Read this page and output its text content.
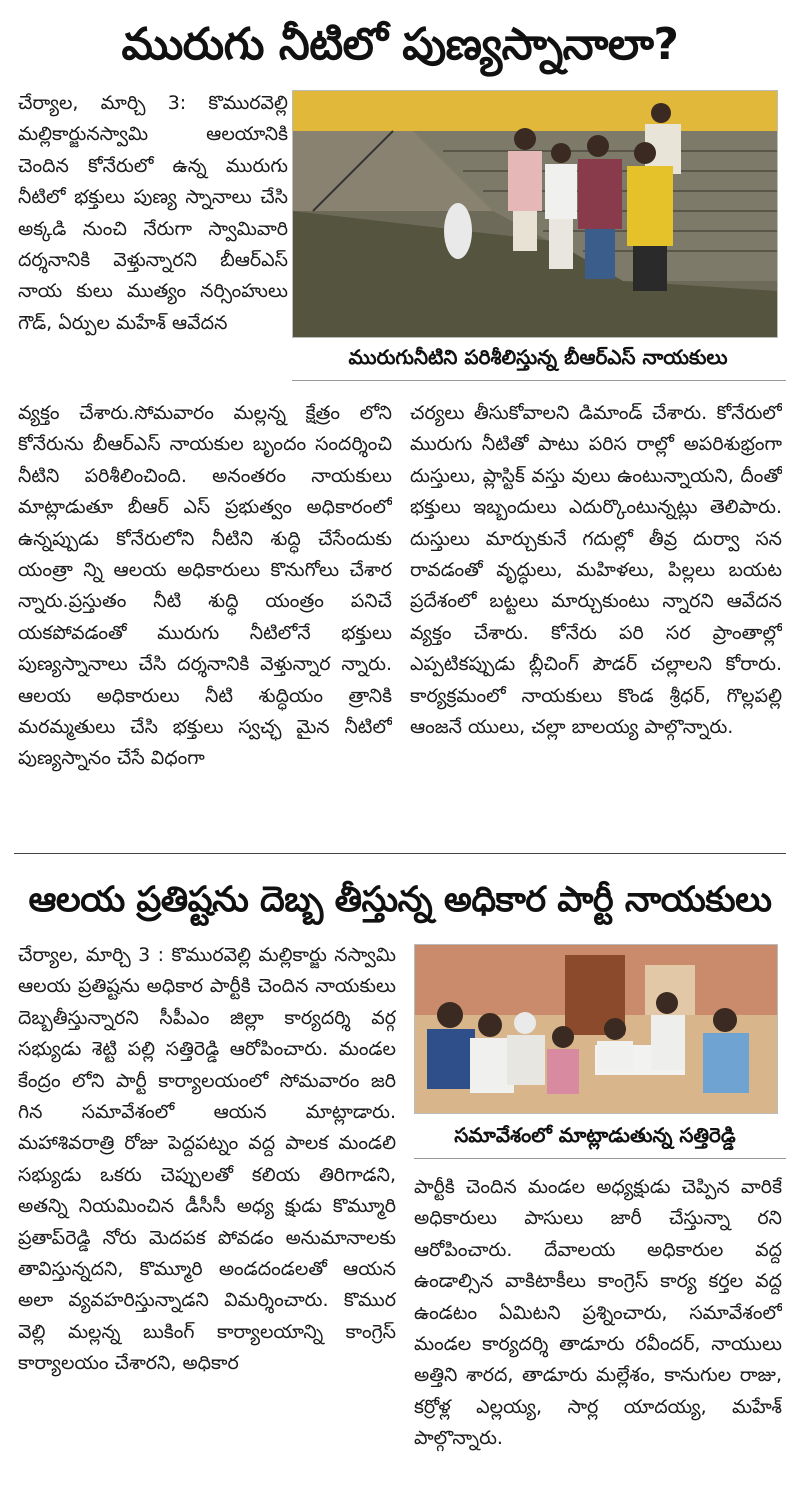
మురుగు నీటిలో పుణ్యస్నానాలా?
చేర్యాల, మార్చి 3: కొమురవెల్లి మల్లికార్జునస్వామి ఆలయానికి చెందిన కోనేరులో ఉన్న మురుగు నీటిలో భక్తులు పుణ్య స్నానాలు చేసి అక్కడి నుంచి నేరుగా స్వామివారి దర్శనానికి వెళ్తున్నారని బీఆర్ఎస్ నాయ కులు ముత్యం నర్సింహులు గౌడ్, ఏర్పుల మహేశ్ ఆవేదన
మురుగునీటిని పరిశీలిస్తున్న బీఆర్ఎస్ నాయకులు
వ్యక్తం చేశారు.సోమవారం మల్లన్న క్షేత్రం లోని కోనేరును బీఆర్ఎస్ నాయకుల బృందం సందర్శించి నీటిని పరిశీలించింది. అనంతరం నాయకులు మాట్లాడుతూ బీఆర్ ఎస్ ప్రభుత్వం అధికారంలో ఉన్నప్పుడు కోనేరులోని నీటిని శుద్ధి చేసేందుకు యంత్రా న్ని ఆలయ అధికారులు కొనుగోలు చేశార న్నారు.ప్రస్తుతం నీటి శుద్ధి యంత్రం పనిచే యకపోవడంతో మురుగు నీటిలోనే భక్తులు పుణ్యస్నానాలు చేసి దర్శనానికి వెళ్తున్నార న్నారు. ఆలయ అధికారులు నీటి శుద్ధియం త్రానికి మరమ్మతులు చేసి భక్తులు స్వచ్ఛ మైన నీటిలో పుణ్యస్నానం చేసే విధంగా
చర్యలు తీసుకోవాలని డిమాండ్ చేశారు. కోనేరులో మురుగు నీటితో పాటు పరిస రాల్లో అపరిశుభ్రంగా దుస్తులు, ప్లాస్టిక్ వస్తు వులు ఉంటున్నాయని, దీంతో భక్తులు ఇబ్బందులు ఎదుర్కొంటున్నట్లు తెలిపారు. దుస్తులు మార్చుకునే గదుల్లో తీవ్ర దుర్వా సన రావడంతో వృద్ధులు, మహిళలు, పిల్లలు బయట ప్రదేశంలో బట్టలు మార్చుకుంటు న్నారని ఆవేదన వ్యక్తం చేశారు. కోనేరు పరి సర ప్రాంతాల్లో ఎప్పటికప్పుడు బ్లీచింగ్ పౌడర్ చల్లాలని కోరారు. కార్యక్రమంలో నాయకులు కొండ శ్రీధర్, గొల్లపల్లి ఆంజనే యులు, చల్లా బాలయ్య పాల్గొన్నారు.
ఆలయ ప్రతిష్టను దెబ్బ తీస్తున్న అధికార పార్టీ నాయకులు
చేర్యాల, మార్చి 3 : కొమురవెల్లి మల్లికార్జు నస్వామి ఆలయ ప్రతిష్టను అధికార పార్టీకి చెందిన నాయకులు దెబ్బతీస్తున్నారని సీపీఎం జిల్లా కార్యదర్శి వర్గ సభ్యుడు శెట్టి పల్లి సత్తిరెడ్డి ఆరోపించారు. మండల కేంద్రం లోని పార్టీ కార్యాలయంలో సోమవారం జరి గిన సమావేశంలో ఆయన మాట్లాడారు. మహాశివరాత్రి రోజు పెద్దపట్నం వద్ద పాలక మండలి సభ్యుడు ఒకరు చెప్పులతో కలియ తిరిగాడని, అతన్ని నియమించిన డీసీసీ అధ్య క్షుడు కొమ్మూరి ప్రతాప్‌రెడ్డి నోరు మెదపక పోవడం అనుమానాలకు తావిస్తున్నదని, కొమ్మూరి అండదండలతో ఆయన అలా వ్యవహరిస్తున్నాడని విమర్శించారు. కొముర వెల్లి మల్లన్న బుకింగ్ కార్యాలయాన్ని కాంగ్రెస్ కార్యాలయం చేశారని, అధికార
సమావేశంలో మాట్లాడుతున్న సత్తిరెడ్డి
పార్టీకి చెందిన మండల అధ్యక్షుడు చెప్పిన వారికే అధికారులు పాసులు జారీ చేస్తున్నా రని ఆరోపించారు. దేవాలయ అధికారుల వద్ద ఉండాల్సిన వాకిటాకీలు కాంగ్రెస్ కార్య కర్తల వద్ద ఉండటం ఏమిటని ప్రశ్నించారు, సమావేశంలో మండల కార్యదర్శి తాడూరు రవీందర్, నాయులు అత్తిని శారద, తాడూరు మల్లేశం, కానుగుల రాజు, కర్రోళ్ల ఎల్లయ్య, సార్ల యాదయ్య, మహేశ్ పాల్గొన్నారు.
